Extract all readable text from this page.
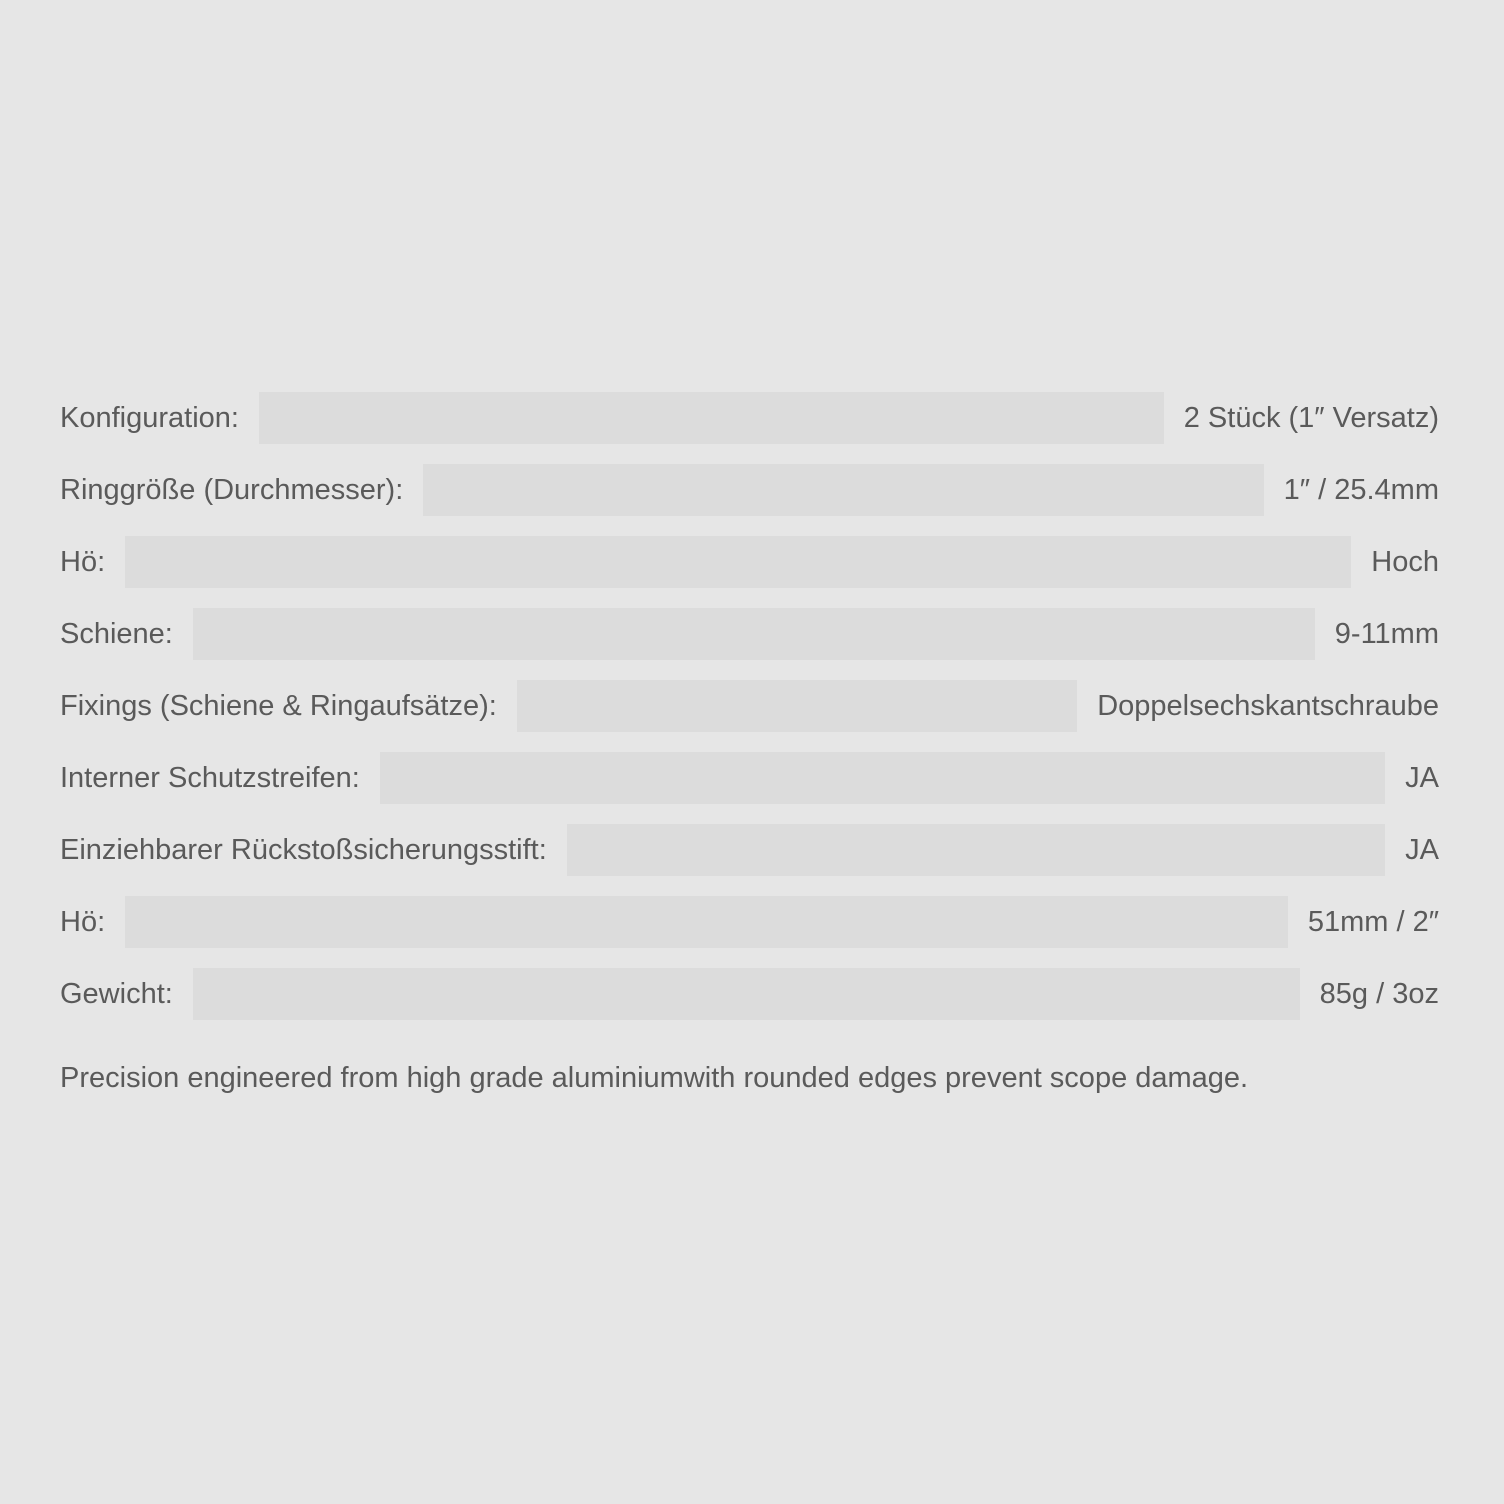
Konfiguration:	2 Stück (1″ Versatz)
Ringgröße (Durchmesser):	1″ / 25.4mm
Hö:	Hoch
Schiene:	9-11mm
Fixings (Schiene & Ringaufsätze):	Doppelsechskantschraube
Interner Schutzstreifen:	JA
Einziehbarer Rückstoßsicherungsstift:	JA
Hö:	51mm / 2″
Gewicht:	85g / 3oz

Precision engineered from high grade aluminiumwith rounded edges prevent scope damage.
